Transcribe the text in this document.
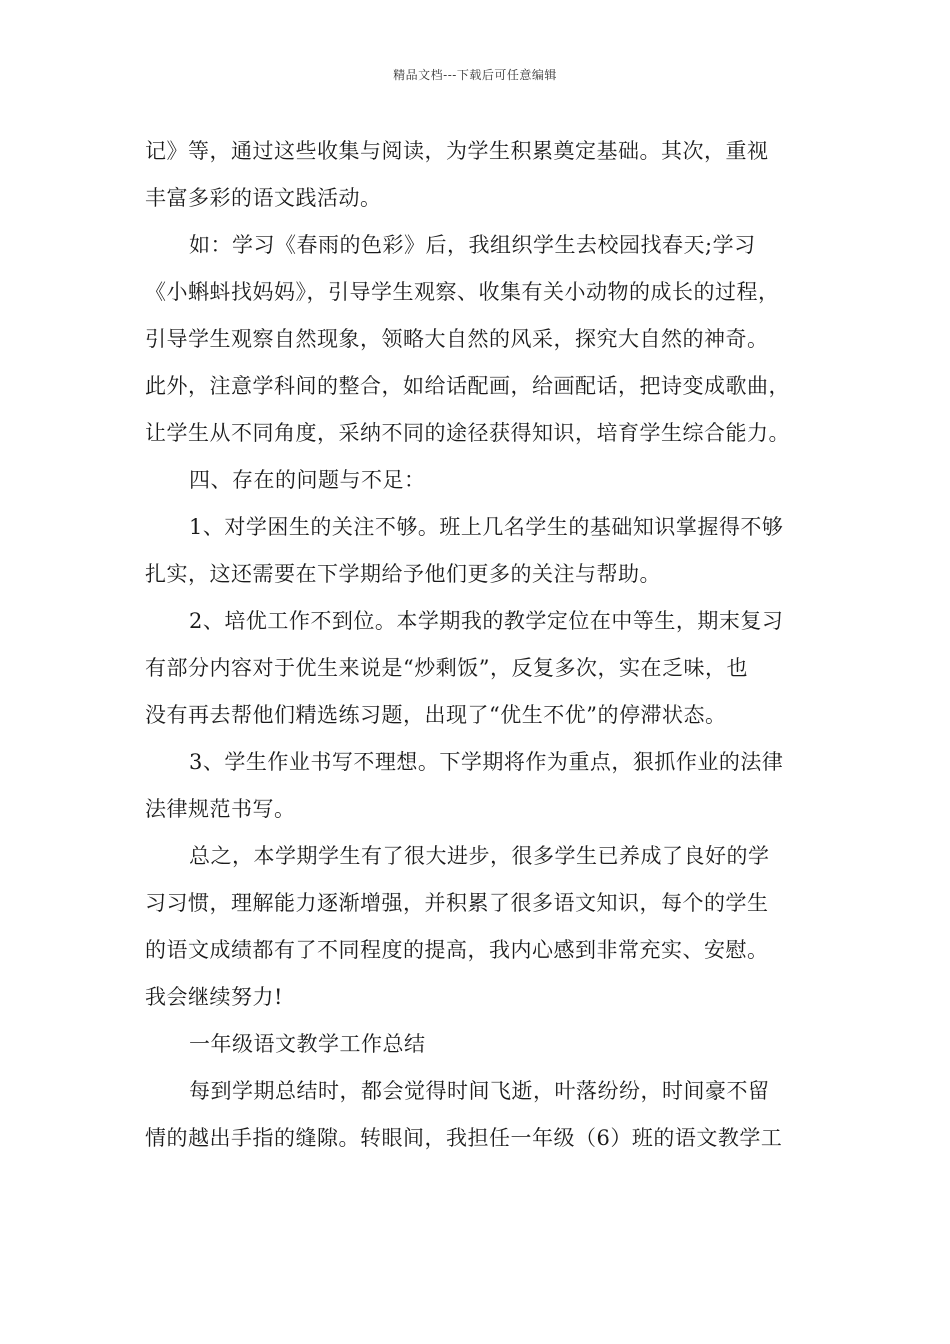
精品文档---下载后可任意编辑
记》等，通过这些收集与阅读，为学生积累奠定基础。其次，重视
丰富多彩的语文践活动。
如：学习《春雨的色彩》后，我组织学生去校园找春天;学习
《小蝌蚪找妈妈》，引导学生观察、收集有关小动物的成长的过程，
引导学生观察自然现象，领略大自然的风采，探究大自然的神奇。
此外，注意学科间的整合，如给话配画，给画配话，把诗变成歌曲，
让学生从不同角度，采纳不同的途径获得知识，培育学生综合能力。
四、存在的问题与不足：
1、对学困生的关注不够。班上几名学生的基础知识掌握得不够
扎实，这还需要在下学期给予他们更多的关注与帮助。
2、培优工作不到位。本学期我的教学定位在中等生，期末复习
有部分内容对于优生来说是“炒剩饭”，反复多次，实在乏味，也
没有再去帮他们精选练习题，出现了“优生不优”的停滞状态。
3、学生作业书写不理想。下学期将作为重点，狠抓作业的法律
法律规范书写。
总之，本学期学生有了很大进步，很多学生已养成了良好的学
习习惯，理解能力逐渐增强，并积累了很多语文知识，每个的学生
的语文成绩都有了不同程度的提高，我内心感到非常充实、安慰。
我会继续努力!
一年级语文教学工作总结
每到学期总结时，都会觉得时间飞逝，叶落纷纷，时间豪不留
情的越出手指的缝隙。转眼间，我担任一年级（6）班的语文教学工
